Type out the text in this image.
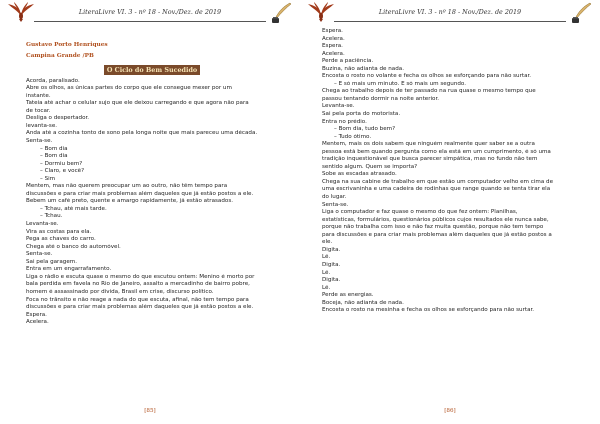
LiteraLivre VI. 3 - nº 18 - Nov./Dez. de 2019
Gustavo Porto Henriques
Campina Grande /PB
O Ciclo do Bem Sucedido
Acorda, paralisado.
Abre os olhos, as únicas partes do corpo que ele consegue mexer por um
instante.
Tateia até achar o celular sujo que ele deixou carregando e que agora não para
de tocar.
Desliga o despertador.
levanta-se.
Anda até a cozinha tonto de sono pela longa noite que mais pareceu uma década.
Senta-se.
– Bom dia
– Bom dia
– Dormiu bem?
– Claro, e você?
– Sim
Mentem, mas não querem preocupar um ao outro, não têm tempo para
discussões e para criar mais problemas além daqueles que já estão postos a ele.
Bebem um café preto, quente e amargo rapidamente, já estão atrasados.
– Tchau, até mais tarde.
– Tchau.
Levanta-se.
Vira as costas para ela.
Pega as chaves do carro.
Chega até o banco do automóvel.
Senta-se.
Sai pela garagem.
Entra em um engarrafamento.
Liga o rádio e escuta quase o mesmo do que escutou ontem: Menino é morto por
bala perdida em favela no Rio de Janeiro, assalto a mercadinho de bairro pobre,
homem é assassinado por dívida, Brasil em crise, discurso político.
Foca no trânsito e não reage a nada do que escuta, afinal, não tem tempo para
discussões e para criar mais problemas além daqueles que já estão postos a ele.
Espera.
Acelera.
[85]
LiteraLivre VI. 3 - nº 18 - Nov./Dez. de 2019
Espera.
Acelera.
Espera.
Acelera.
Perde a paciência.
Buzina, não adianta de nada.
Encosta o rosto no volante e fecha os olhos se esforçando para não surtar.
– É só mais um minuto. É só mais um segundo.
Chega ao trabalho depois de ter passado na rua quase o mesmo tempo que
passou tentando dormir na noite anterior.
Levanta-se.
Sai pela porta do motorista.
Entra no prédio.
– Bom dia, tudo bem?
– Tudo ótimo.
Mentem, mais os dois sabem que ninguém realmente quer saber se a outra
pessoa está bem quando pergunta como ela está em um cumprimento, é só uma
tradição inquestionável que busca parecer simpática, mas no fundo não tem
sentido algum. Quem se importa?
Sobe as escadas atrasado.
Chega na sua cabine de trabalho em que estão um computador velho em cima de
uma escrivaninha e uma cadeira de rodinhas que range quando se tenta tirar ela
do lugar.
Senta-se.
Liga o computador e faz quase o mesmo do que fez ontem: Planilhas,
estatísticas, formulários, questionários públicos cujos resultados ele nunca sabe,
porque não trabalha com isso e não faz muita questão, porque não tem tempo
para discussões e para criar mais problemas além daqueles que já estão postos a
ele.
Digita.
Lê.
Digita.
Lê.
Digita.
Lê.
Perde as energias.
Boceja, não adianta de nada.
Encosta o rosto na mesinha e fecha os olhos se esforçando para não surtar.
[86]
